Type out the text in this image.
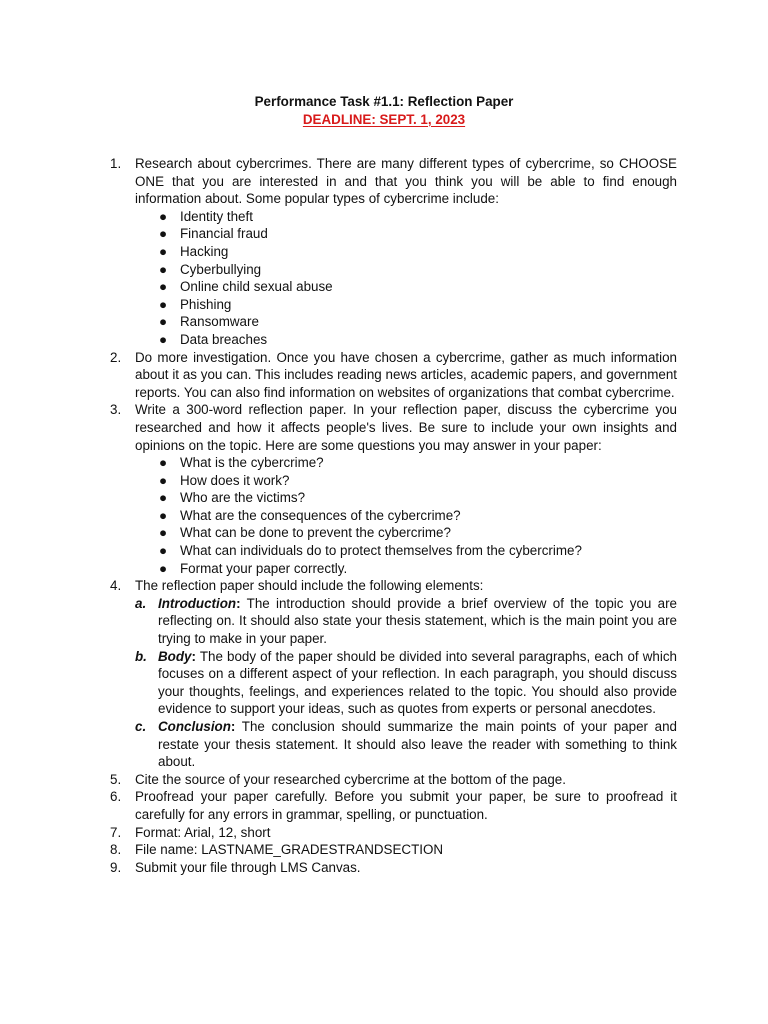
Performance Task #1.1: Reflection Paper
DEADLINE: SEPT. 1, 2023
1.	Research about cybercrimes. There are many different types of cybercrime, so CHOOSE ONE that you are interested in and that you think you will be able to find enough information about. Some popular types of cybercrime include:
● Identity theft
● Financial fraud
● Hacking
● Cyberbullying
● Online child sexual abuse
● Phishing
● Ransomware
● Data breaches
2.	Do more investigation. Once you have chosen a cybercrime, gather as much information about it as you can. This includes reading news articles, academic papers, and government reports. You can also find information on websites of organizations that combat cybercrime.
3.	Write a 300-word reflection paper. In your reflection paper, discuss the cybercrime you researched and how it affects people's lives. Be sure to include your own insights and opinions on the topic. Here are some questions you may answer in your paper:
● What is the cybercrime?
● How does it work?
● Who are the victims?
● What are the consequences of the cybercrime?
● What can be done to prevent the cybercrime?
● What can individuals do to protect themselves from the cybercrime?
● Format your paper correctly.
4.	The reflection paper should include the following elements:
a. Introduction: The introduction should provide a brief overview of the topic you are reflecting on. It should also state your thesis statement, which is the main point you are trying to make in your paper.
b. Body: The body of the paper should be divided into several paragraphs, each of which focuses on a different aspect of your reflection. In each paragraph, you should discuss your thoughts, feelings, and experiences related to the topic. You should also provide evidence to support your ideas, such as quotes from experts or personal anecdotes.
c. Conclusion: The conclusion should summarize the main points of your paper and restate your thesis statement. It should also leave the reader with something to think about.
5.	Cite the source of your researched cybercrime at the bottom of the page.
6.	Proofread your paper carefully. Before you submit your paper, be sure to proofread it carefully for any errors in grammar, spelling, or punctuation.
7.	Format: Arial, 12, short
8.	File name: LASTNAME_GRADESTRANDSECTION
9.	Submit your file through LMS Canvas.
